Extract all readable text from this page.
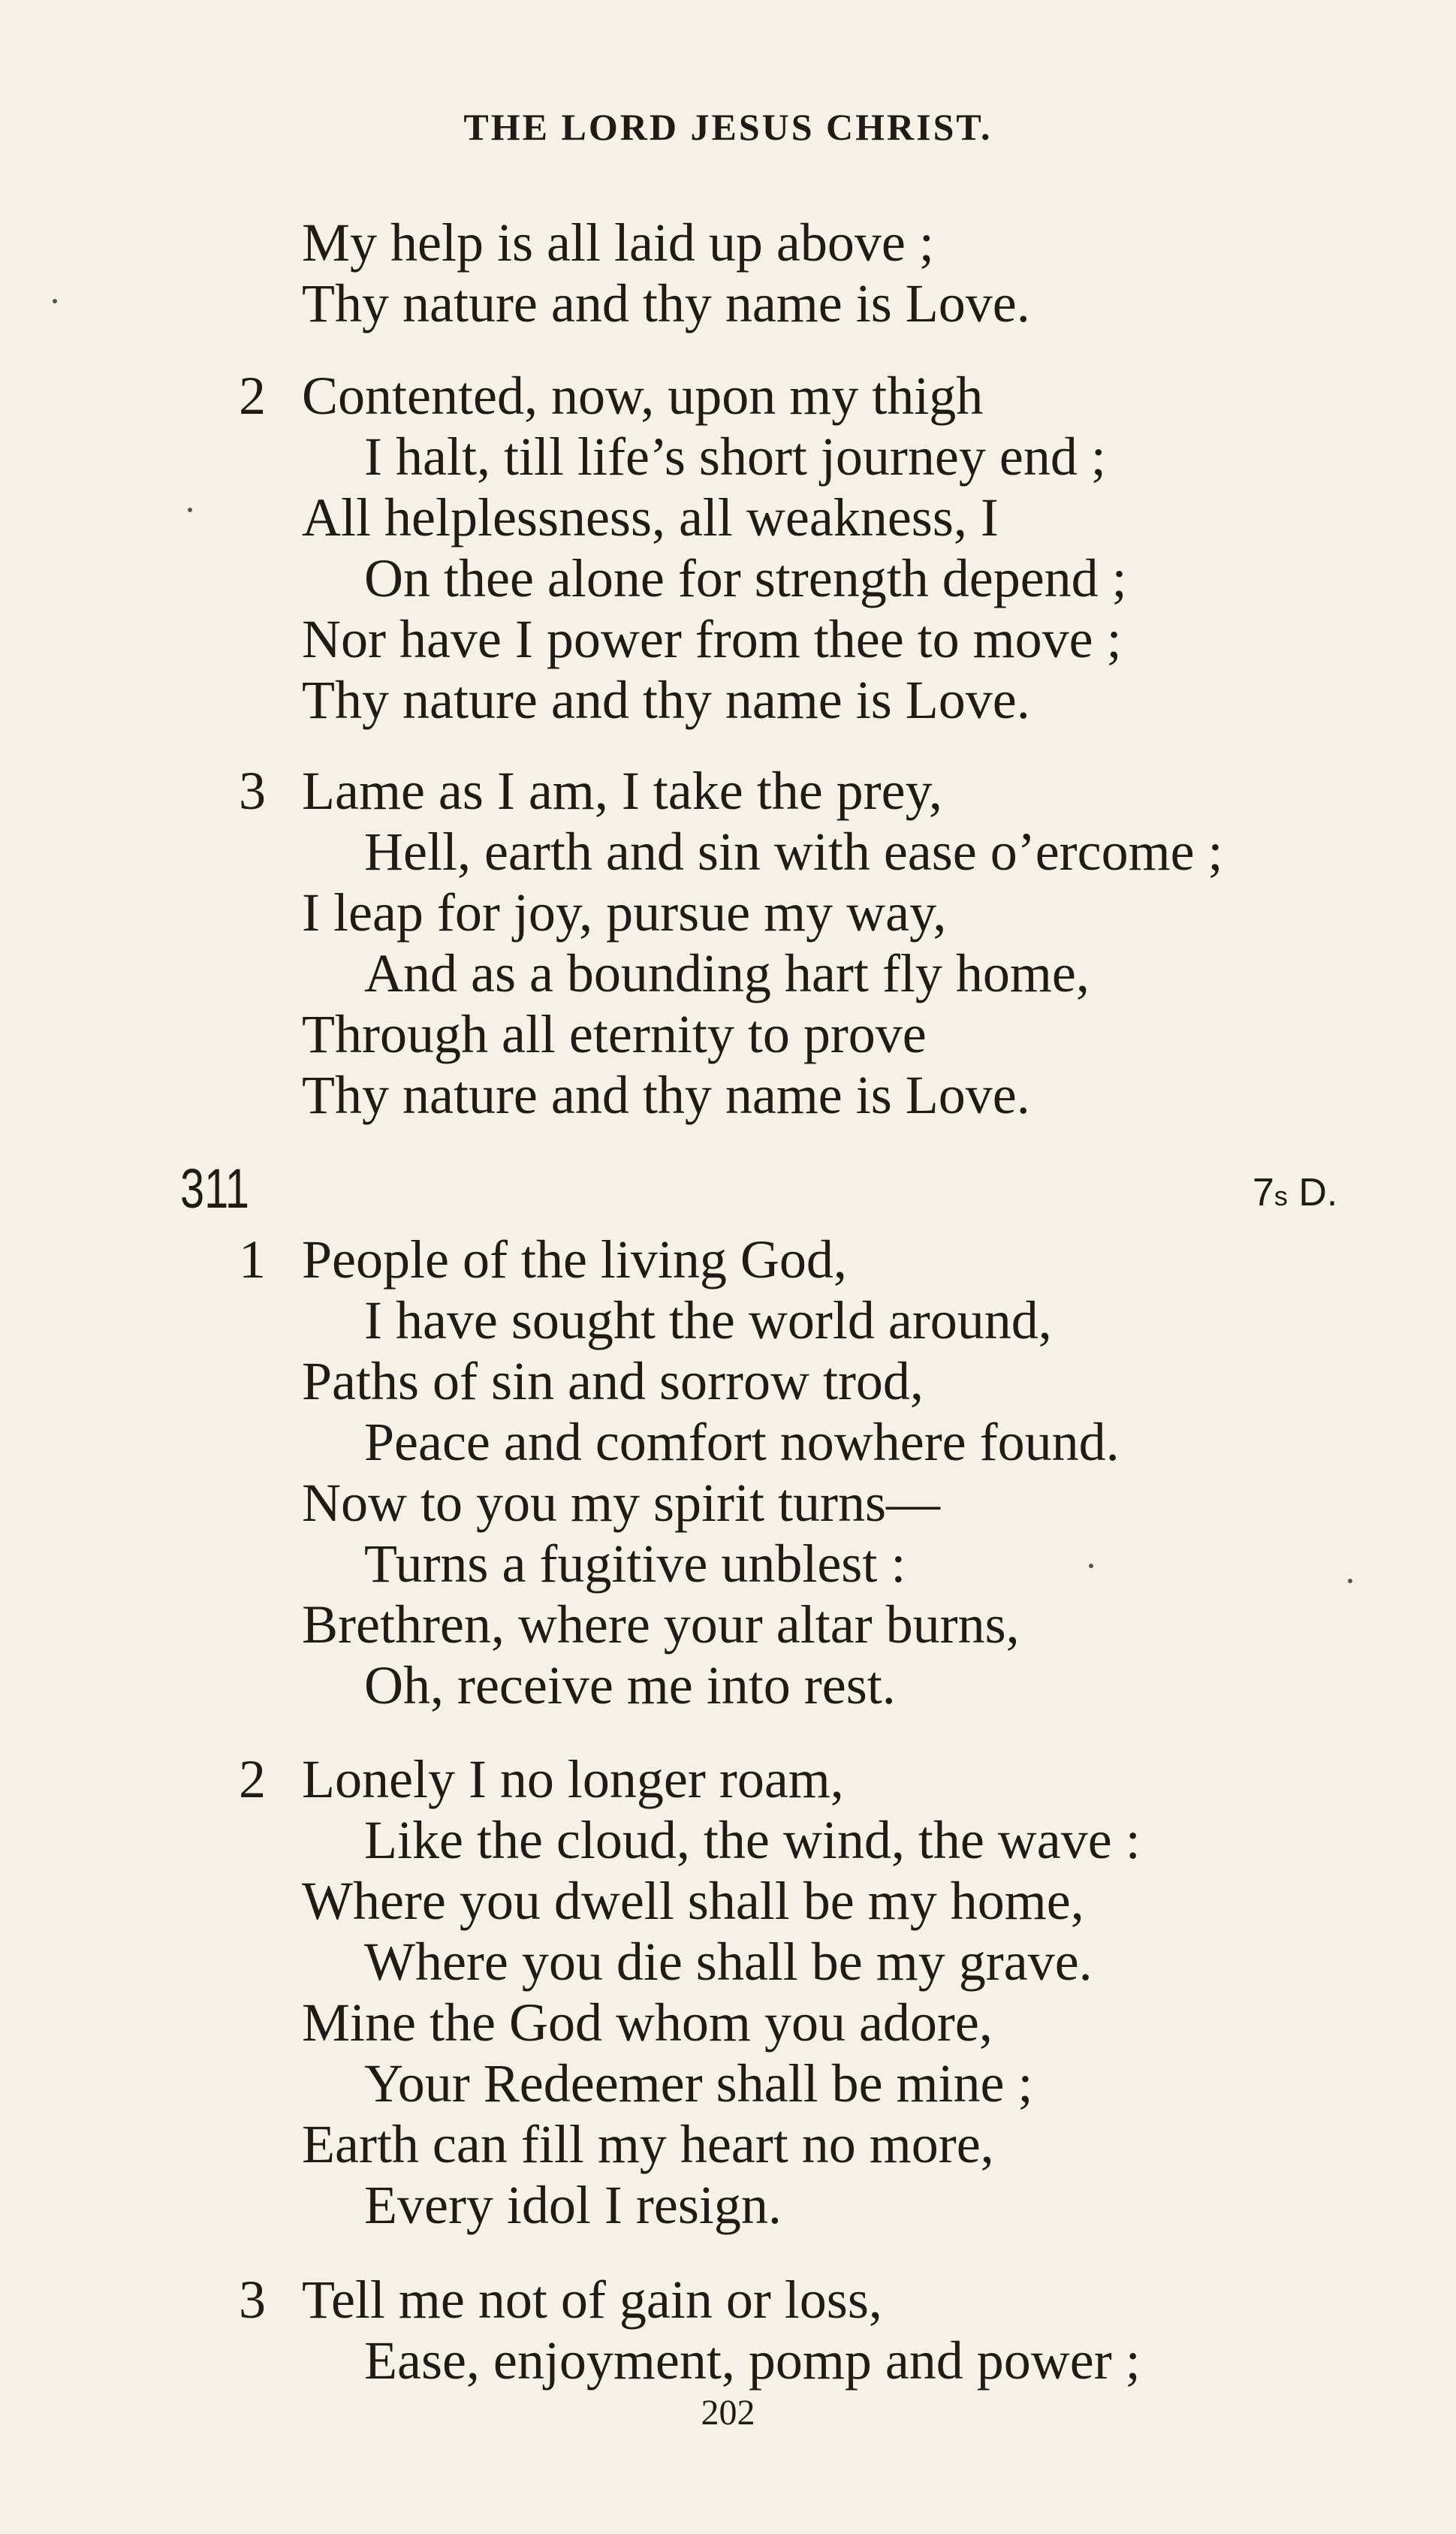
THE LORD JESUS CHRIST.
My help is all laid up above ;
Thy nature and thy name is Love.
2 Contented, now, upon my thigh
I halt, till life’s short journey end ;
All helplessness, all weakness, I
On thee alone for strength depend ;
Nor have I power from thee to move ;
Thy nature and thy name is Love.
3 Lame as I am, I take the prey,
Hell, earth and sin with ease o’ercome ;
I leap for joy, pursue my way,
And as a bounding hart fly home,
Through all eternity to prove
Thy nature and thy name is Love.
311	7s D.
1 People of the living God,
I have sought the world around,
Paths of sin and sorrow trod,
Peace and comfort nowhere found.
Now to you my spirit turns—
Turns a fugitive unblest :
Brethren, where your altar burns,
Oh, receive me into rest.
2 Lonely I no longer roam,
Like the cloud, the wind, the wave :
Where you dwell shall be my home,
Where you die shall be my grave.
Mine the God whom you adore,
Your Redeemer shall be mine ;
Earth can fill my heart no more,
Every idol I resign.
3 Tell me not of gain or loss,
Ease, enjoyment, pomp and power ;
202
